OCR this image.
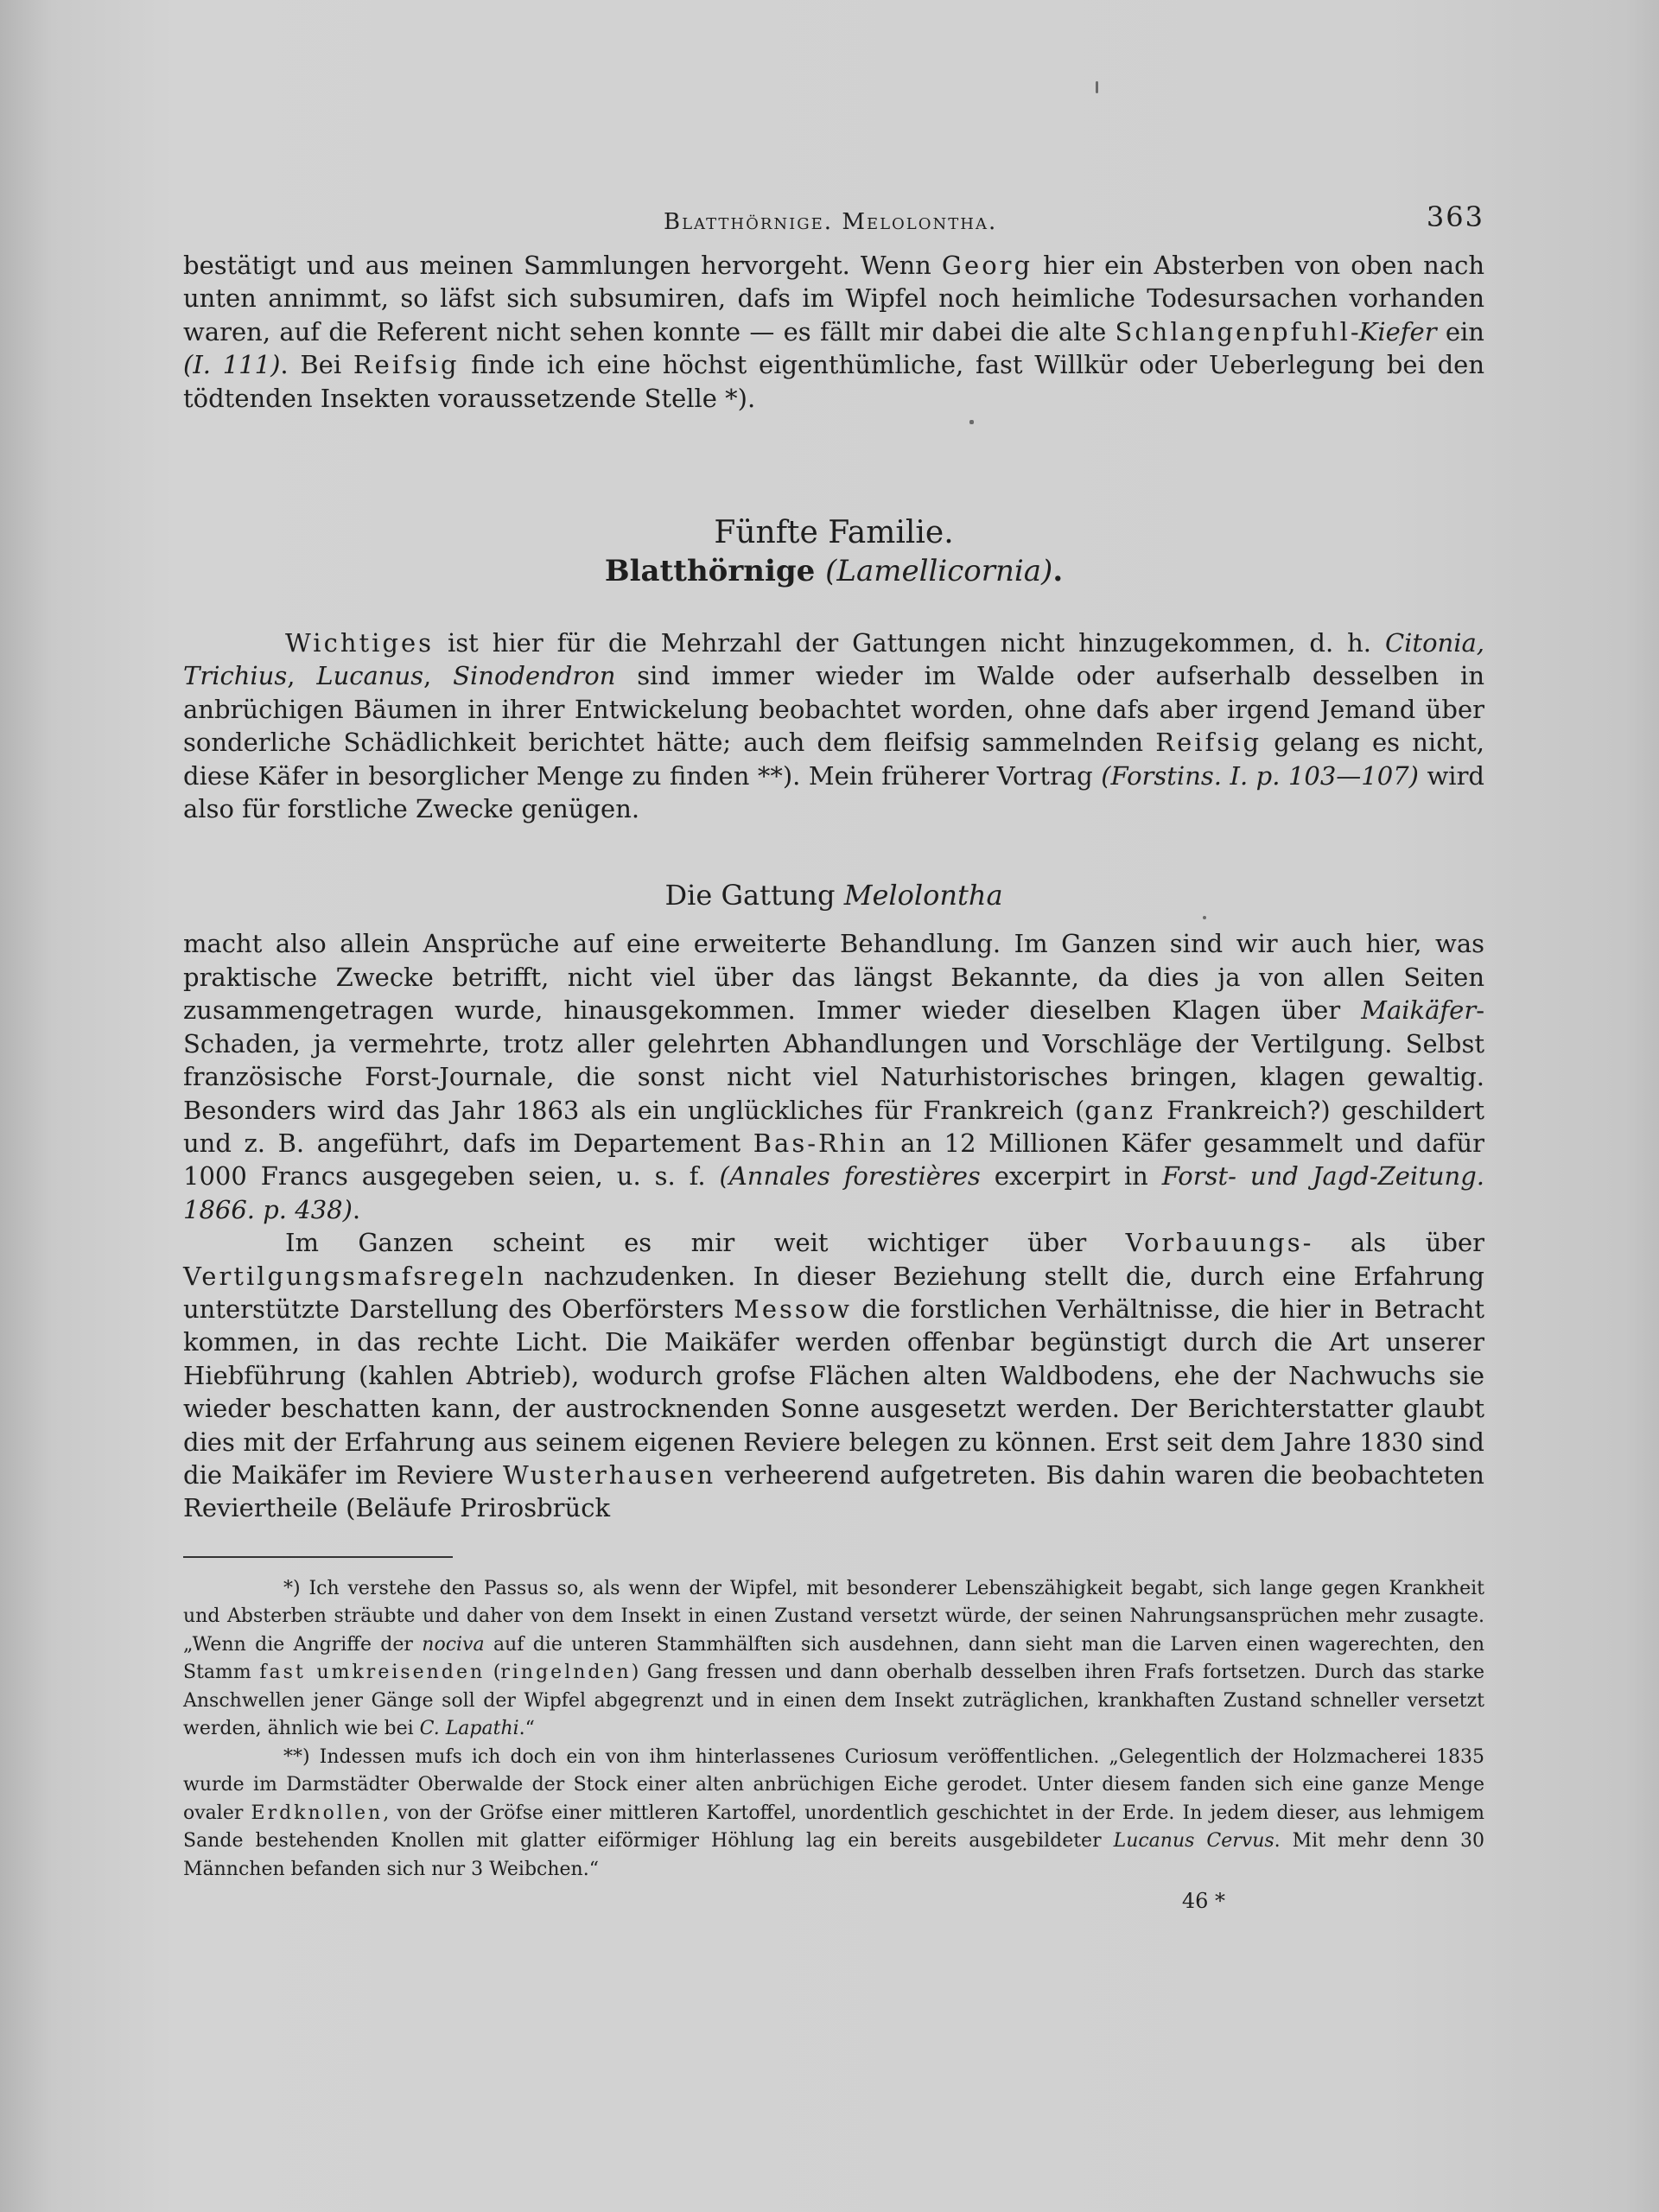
Blatthörnige. Melolontha.	363

bestätigt und aus meinen Sammlungen hervorgeht. Wenn Georg hier ein Absterben von oben nach unten annimmt, so läfst sich subsumiren, dafs im Wipfel noch heimliche Todesursachen vorhanden waren, auf die Referent nicht sehen konnte — es fällt mir dabei die alte Schlangenpfuhl-Kiefer ein (I. 111). Bei Reifsig finde ich eine höchst eigenthümliche, fast Willkür oder Ueberlegung bei den tödtenden Insekten voraussetzende Stelle *).

Fünfte Familie.
Blatthörnige (Lamellicornia).

Wichtiges ist hier für die Mehrzahl der Gattungen nicht hinzugekommen, d. h. Citonia, Trichius, Lucanus, Sinodendron sind immer wieder im Walde oder aufserhalb desselben in anbrüchigen Bäumen in ihrer Entwickelung beobachtet worden, ohne dafs aber irgend Jemand über sonderliche Schädlichkeit berichtet hätte; auch dem fleifsig sammelnden Reifsig gelang es nicht, diese Käfer in besorglicher Menge zu finden **). Mein früherer Vortrag (Forstins. I. p. 103—107) wird also für forstliche Zwecke genügen.

Die Gattung Melolontha

macht also allein Ansprüche auf eine erweiterte Behandlung. Im Ganzen sind wir auch hier, was praktische Zwecke betrifft, nicht viel über das längst Bekannte, da dies ja von allen Seiten zusammengetragen wurde, hinausgekommen. Immer wieder dieselben Klagen über Maikäfer-Schaden, ja vermehrte, trotz aller gelehrten Abhandlungen und Vorschläge der Vertilgung. Selbst französische Forst-Journale, die sonst nicht viel Naturhistorisches bringen, klagen gewaltig. Besonders wird das Jahr 1863 als ein unglückliches für Frankreich (ganz Frankreich?) geschildert und z. B. angeführt, dafs im Departement Bas-Rhin an 12 Millionen Käfer gesammelt und dafür 1000 Francs ausgegeben seien, u. s. f. (Annales forestières excerpirt in Forst- und Jagd-Zeitung. 1866. p. 438).

Im Ganzen scheint es mir weit wichtiger über Vorbauungs- als über Vertilgungsmafsregeln nachzudenken. In dieser Beziehung stellt die, durch eine Erfahrung unterstützte Darstellung des Oberförsters Messow die forstlichen Verhältnisse, die hier in Betracht kommen, in das rechte Licht. Die Maikäfer werden offenbar begünstigt durch die Art unserer Hiebführung (kahlen Abtrieb), wodurch grofse Flächen alten Waldbodens, ehe der Nachwuchs sie wieder beschatten kann, der austrocknenden Sonne ausgesetzt werden. Der Berichterstatter glaubt dies mit der Erfahrung aus seinem eigenen Reviere belegen zu können. Erst seit dem Jahre 1830 sind die Maikäfer im Reviere Wusterhausen verheerend aufgetreten. Bis dahin waren die beobachteten Reviertheile (Beläufe Prirosbrück

*) Ich verstehe den Passus so, als wenn der Wipfel, mit besonderer Lebenszähigkeit begabt, sich lange gegen Krankheit und Absterben sträubte und daher von dem Insekt in einen Zustand versetzt würde, der seinen Nahrungsansprüchen mehr zusagte. „Wenn die Angriffe der nociva auf die unteren Stammhälften sich ausdehnen, dann sieht man die Larven einen wagerechten, den Stamm fast umkreisenden (ringelnden) Gang fressen und dann oberhalb desselben ihren Frafs fortsetzen. Durch das starke Anschwellen jener Gänge soll der Wipfel abgegrenzt und in einen dem Insekt zuträglichen, krankhaften Zustand schneller versetzt werden, ähnlich wie bei C. Lapathi.“

**) Indessen mufs ich doch ein von ihm hinterlassenes Curiosum veröffentlichen. „Gelegentlich der Holzmacherei 1835 wurde im Darmstädter Oberwalde der Stock einer alten anbrüchigen Eiche gerodet. Unter diesem fanden sich eine ganze Menge ovaler Erdknollen, von der Gröfse einer mittleren Kartoffel, unordentlich geschichtet in der Erde. In jedem dieser, aus lehmigem Sande bestehenden Knollen mit glatter eiförmiger Höhlung lag ein bereits ausgebildeter Lucanus Cervus. Mit mehr denn 30 Männchen befanden sich nur 3 Weibchen.“

46 *
